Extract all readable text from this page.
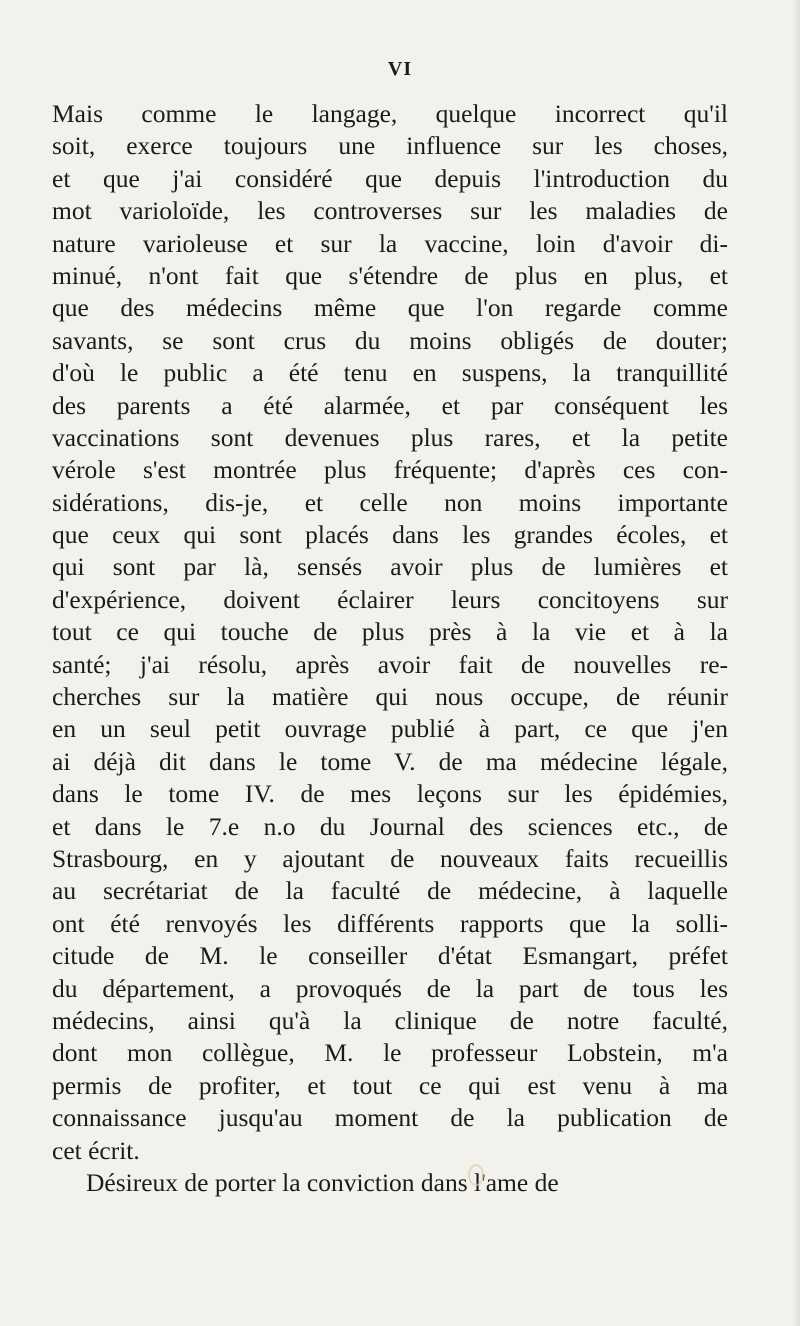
VI
Mais comme le langage, quelque incorrect qu'il
soit, exerce toujours une influence sur les choses,
et que j'ai considéré que depuis l'introduction du
mot varioloïde, les controverses sur les maladies de
nature varioleuse et sur la vaccine, loin d'avoir di-
minué, n'ont fait que s'étendre de plus en plus, et
que des médecins même que l'on regarde comme
savants, se sont crus du moins obligés de douter;
d'où le public a été tenu en suspens, la tranquillité
des parents a été alarmée, et par conséquent les
vaccinations sont devenues plus rares, et la petite
vérole s'est montrée plus fréquente; d'après ces con-
sidérations, dis-je, et celle non moins importante
que ceux qui sont placés dans les grandes écoles, et
qui sont par là, sensés avoir plus de lumières et
d'expérience, doivent éclairer leurs concitoyens sur
tout ce qui touche de plus près à la vie et à la
santé; j'ai résolu, après avoir fait de nouvelles re-
cherches sur la matière qui nous occupe, de réunir
en un seul petit ouvrage publié à part, ce que j'en
ai déjà dit dans le tome V. de ma médecine légale,
dans le tome IV. de mes leçons sur les épidémies,
et dans le 7.e n.o du Journal des sciences etc., de
Strasbourg, en y ajoutant de nouveaux faits recueillis
au secrétariat de la faculté de médecine, à laquelle
ont été renvoyés les différents rapports que la solli-
citude de M. le conseiller d'état Esmangart, préfet
du département, a provoqués de la part de tous les
médecins, ainsi qu'à la clinique de notre faculté,
dont mon collègue, M. le professeur Lobstein, m'a
permis de profiter, et tout ce qui est venu à ma
connaissance jusqu'au moment de la publication de
cet écrit.
Désireux de porter la conviction dans l'ame de
